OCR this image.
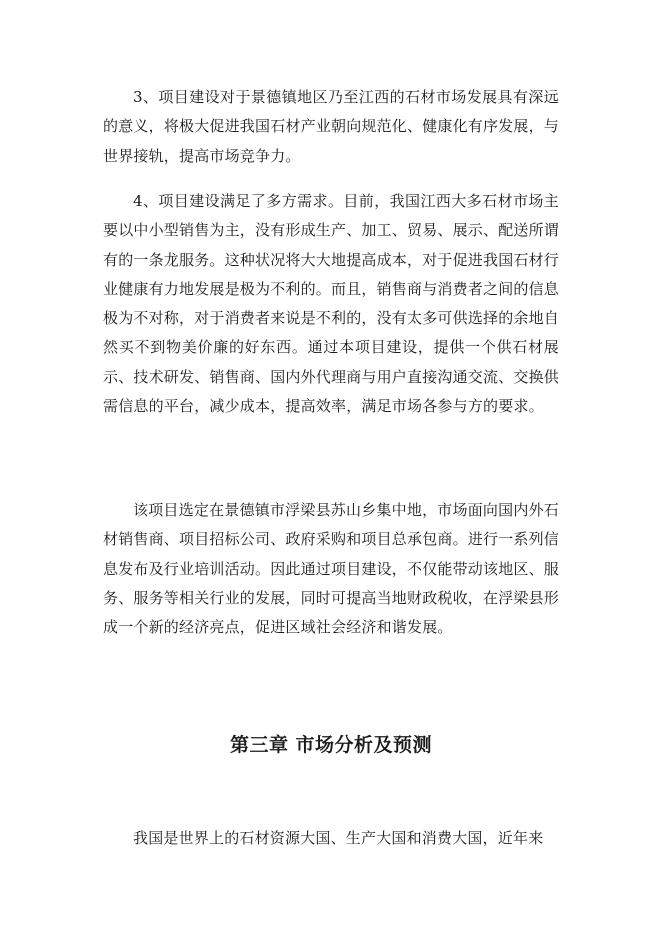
3、项目建设对于景德镇地区乃至江西的石材市场发展具有深远的意义，将极大促进我国石材产业朝向规范化、健康化有序发展，与世界接轨，提高市场竞争力。

4、项目建设满足了多方需求。目前，我国江西大多石材市场主要以中小型销售为主，没有形成生产、加工、贸易、展示、配送所谓有的一条龙服务。这种状况将大大地提高成本，对于促进我国石材行业健康有力地发展是极为不利的。而且，销售商与消费者之间的信息极为不对称，对于消费者来说是不利的，没有太多可供选择的余地自然买不到物美价廉的好东西。通过本项目建设，提供一个供石材展示、技术研发、销售商、国内外代理商与用户直接沟通交流、交换供需信息的平台，减少成本，提高效率，满足市场各参与方的要求。

该项目选定在景德镇市浮梁县苏山乡集中地，市场面向国内外石材销售商、项目招标公司、政府采购和项目总承包商。进行一系列信息发布及行业培训活动。因此通过项目建设，不仅能带动该地区、服务、服务等相关行业的发展，同时可提高当地财政税收，在浮梁县形成一个新的经济亮点，促进区域社会经济和谐发展。

第三章 市场分析及预测

我国是世界上的石材资源大国、生产大国和消费大国，近年来
